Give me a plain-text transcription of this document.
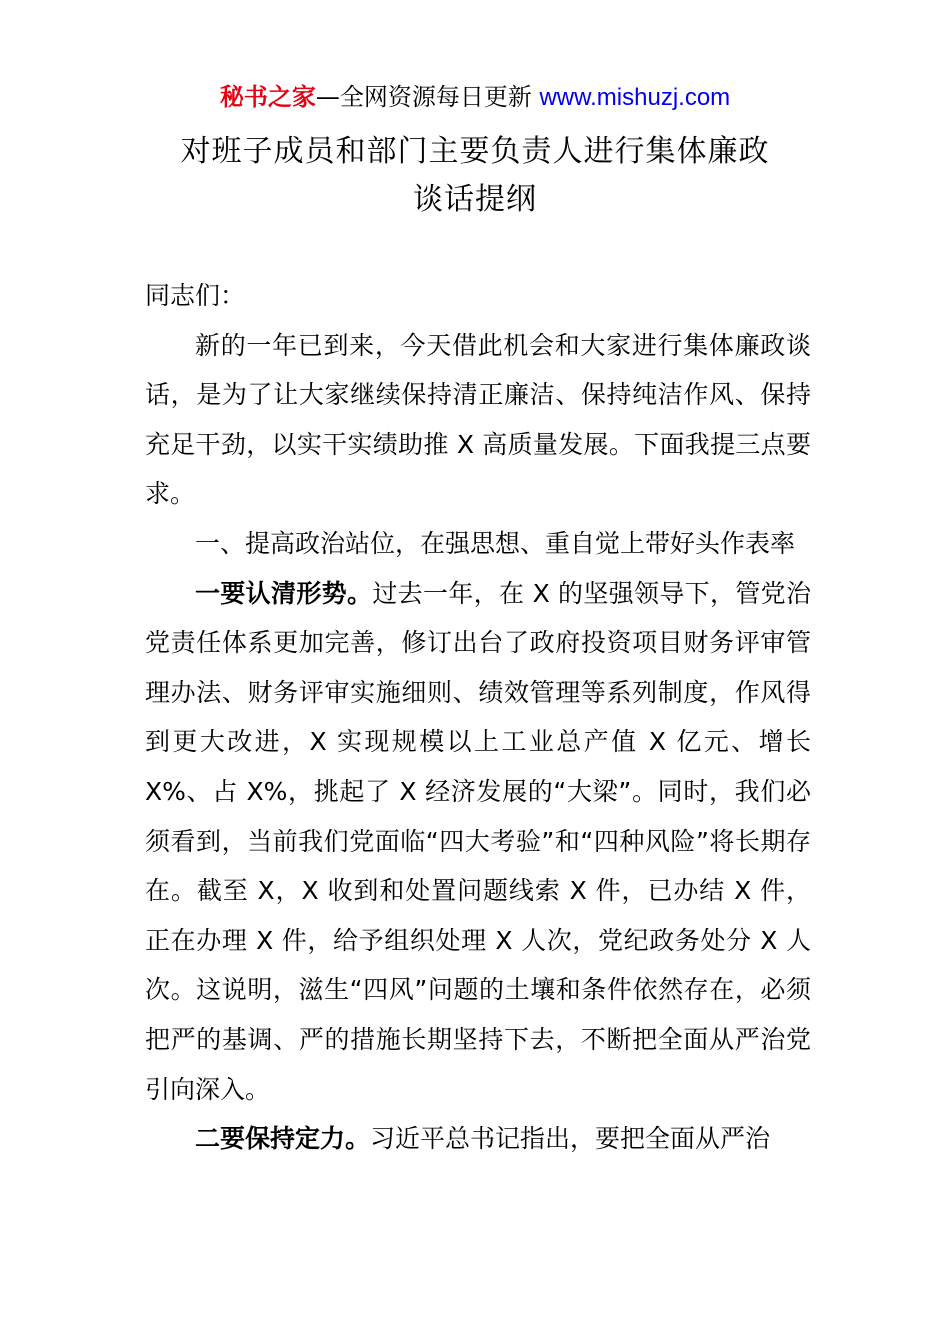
秘书之家—全网资源每日更新 www.mishuzj.com
对班子成员和部门主要负责人进行集体廉政
谈话提纲

同志们：

新的一年已到来，今天借此机会和大家进行集体廉政谈话，是为了让大家继续保持清正廉洁、保持纯洁作风、保持充足干劲，以实干实绩助推 X 高质量发展。下面我提三点要求。

一、提高政治站位，在强思想、重自觉上带好头作表率

一要认清形势。过去一年，在 X 的坚强领导下，管党治党责任体系更加完善，修订出台了政府投资项目财务评审管理办法、财务评审实施细则、绩效管理等系列制度，作风得到更大改进，X 实现规模以上工业总产值 X 亿元、增长 X%、占 X%，挑起了 X 经济发展的“大梁”。同时，我们必须看到，当前我们党面临“四大考验”和“四种风险”将长期存在。截至 X，X 收到和处置问题线索 X 件，已办结 X 件，正在办理 X 件，给予组织处理 X 人次，党纪政务处分 X 人次。这说明，滋生“四风”问题的土壤和条件依然存在，必须把严的基调、严的措施长期坚持下去，不断把全面从严治党引向深入。

二要保持定力。习近平总书记指出，要把全面从严治
